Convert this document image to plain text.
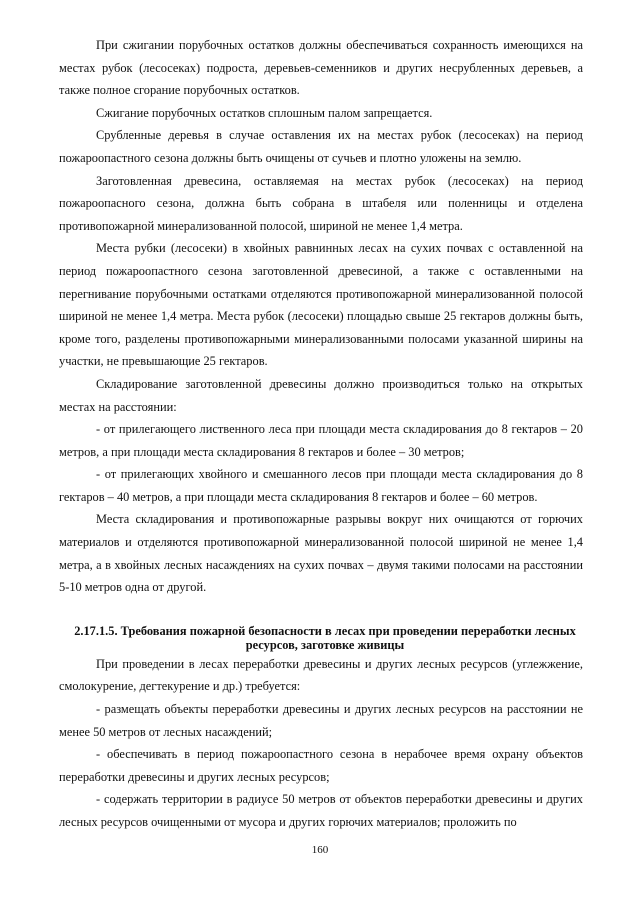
При сжигании порубочных остатков должны обеспечиваться сохранность имеющихся на местах рубок (лесосеках) подроста, деревьев-семенников и других несрубленных деревьев, а также полное сгорание порубочных остатков.

Сжигание порубочных остатков сплошным палом запрещается.

Срубленные деревья в случае оставления их на местах рубок (лесосеках) на период пожароопастного сезона должны быть очищены от сучьев и плотно уложены на землю.

Заготовленная древесина, оставляемая на местах рубок (лесосеках) на период пожароопасного сезона, должна быть собрана в штабеля или поленницы и отделена противопожарной минерализованной полосой, шириной не менее 1,4 метра.

Места рубки (лесосеки) в хвойных равнинных лесах на сухих почвах с оставленной на период пожароопастного сезона заготовленной древесиной, а также с оставленными на перегнивание порубочными остатками отделяются противопожарной минерализованной полосой шириной не менее 1,4 метра. Места рубок (лесосеки) площадью свыше 25 гектаров должны быть, кроме того, разделены противопожарными минерализованными полосами указанной ширины на участки, не превышающие 25 гектаров.

Складирование заготовленной древесины должно производиться только на открытых местах на расстоянии:

- от прилегающего лиственного леса при площади места складирования до 8 гектаров – 20 метров, а при площади места складирования 8 гектаров и более – 30 метров;

- от прилегающих хвойного и смешанного лесов при площади места складирования до 8 гектаров – 40 метров, а при площади места складирования 8 гектаров и более – 60 метров.

Места складирования и противопожарные разрывы вокруг них очищаются от горючих материалов и отделяются противопожарной минерализованной полосой шириной не менее 1,4 метра, а в хвойных лесных насаждениях на сухих почвах – двумя такими полосами на расстоянии 5-10 метров одна от другой.

2.17.1.5. Требования пожарной безопасности в лесах при проведении переработки лесных ресурсов, заготовке живицы

При проведении в лесах переработки древесины и других лесных ресурсов (углежжение, смолокурение, дегтекурение и др.) требуется:

- размещать объекты переработки древесины и других лесных ресурсов на расстоянии не менее 50 метров от лесных насаждений;

- обеспечивать в период пожароопастного сезона в нерабочее время охрану объектов переработки древесины и других лесных ресурсов;

- содержать территории в радиусе 50 метров от объектов переработки древесины и других лесных ресурсов очищенными от мусора и других горючих материалов; проложить по

160
